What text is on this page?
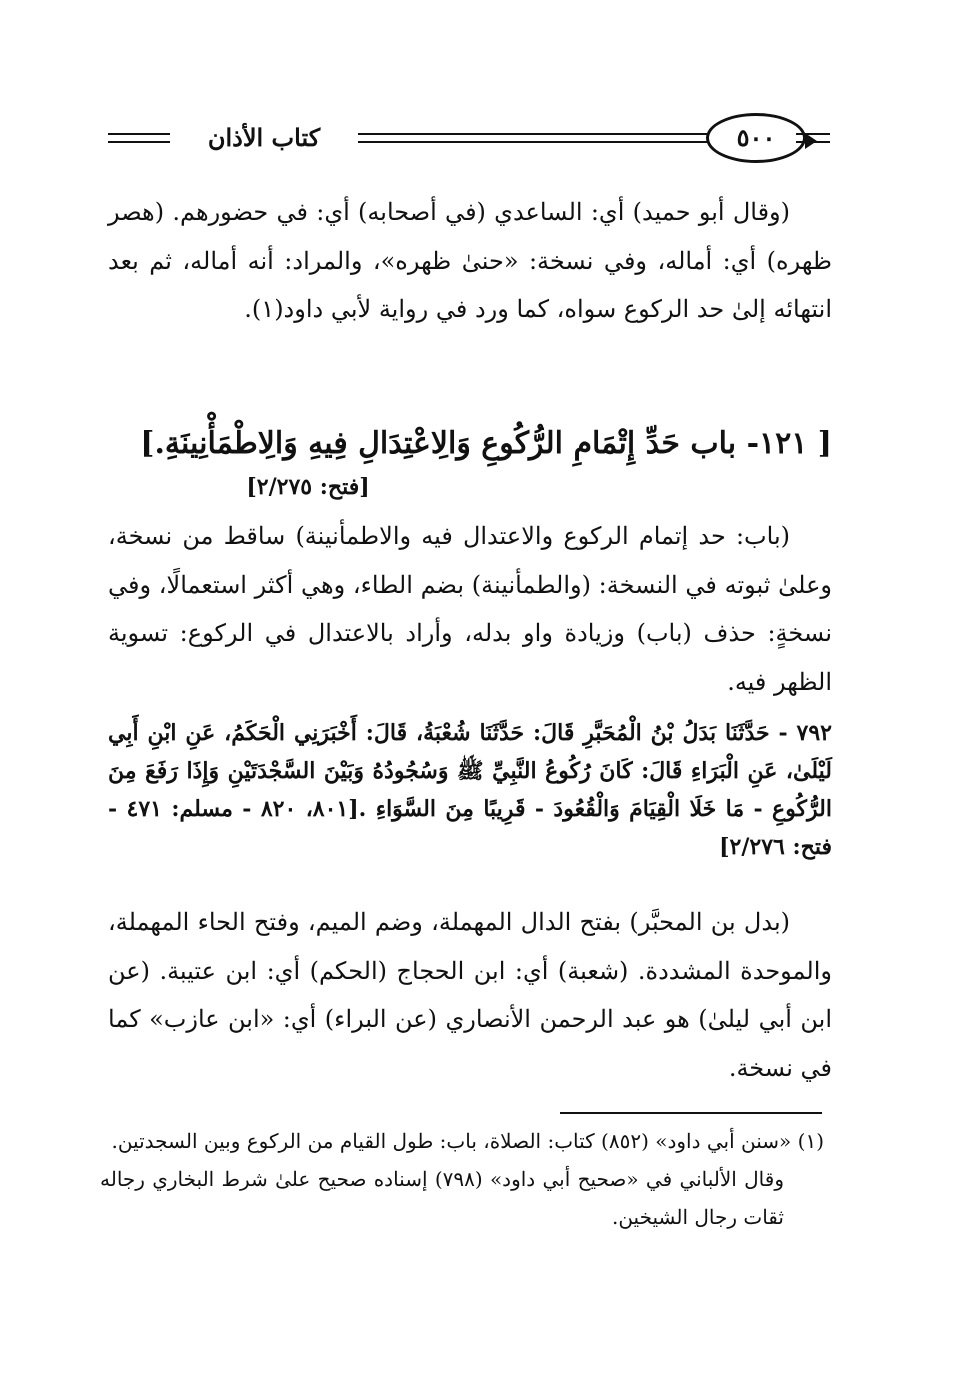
كتاب الأذان	٥٠٠

(وقال أبو حميد) أي: الساعدي (في أصحابه) أي: في حضورهم. (هصر ظهره) أي: أماله، وفي نسخة: «حنىٰ ظهره»، والمراد: أنه أماله، ثم بعد انتهائه إلىٰ حد الركوع سواه، كما ورد في رواية لأبي داود(١).

[ ١٢١- باب حَدِّ إِتْمَامِ الرُّكُوعِ وَالِاعْتِدَالِ فِيهِ وَالِاطْمَأْنِينَةِ.]
[فتح: ٢/٢٧٥]

(باب: حد إتمام الركوع والاعتدال فيه والاطمأنينة) ساقط من نسخة، وعلىٰ ثبوته في النسخة: (والطمأنينة) بضم الطاء، وهي أكثر استعمالًا، وفي نسخةٍ: حذف (باب) وزيادة واو بدله، وأراد بالاعتدال في الركوع: تسوية الظهر فيه.

٧٩٢ - حَدَّثَنَا بَدَلُ بْنُ الْمُحَبَّرِ قَالَ: حَدَّثَنَا شُعْبَةُ، قَالَ: أَخْبَرَنِي الْحَكَمُ، عَنِ ابْنِ أَبِي لَيْلَىٰ، عَنِ الْبَرَاءِ قَالَ: كَانَ رُكُوعُ النَّبِيِّ ﷺ وَسُجُودُهُ وَبَيْنَ السَّجْدَتَيْنِ وَإِذَا رَفَعَ مِنَ الرُّكُوعِ - مَا خَلَا الْقِيَامَ وَالْقُعُودَ - قَرِيبًا مِنَ السَّوَاءِ .[٨٠١، ٨٢٠ - مسلم: ٤٧١ - فتح: ٢/٢٧٦]

(بدل بن المحبَّر) بفتح الدال المهملة، وضم الميم، وفتح الحاء المهملة، والموحدة المشددة. (شعبة) أي: ابن الحجاج (الحكم) أي: ابن عتيبة. (عن ابن أبي ليلىٰ) هو عبد الرحمن الأنصاري (عن البراء) أي: «ابن عازب» كما في نسخة.

(١) «سنن أبي داود» (٨٥٢) كتاب: الصلاة، باب: طول القيام من الركوع وبين السجدتين.

وقال الألباني في «صحيح أبي داود» (٧٩٨) إسناده صحيح علىٰ شرط البخاري رجاله ثقات رجال الشيخين.
